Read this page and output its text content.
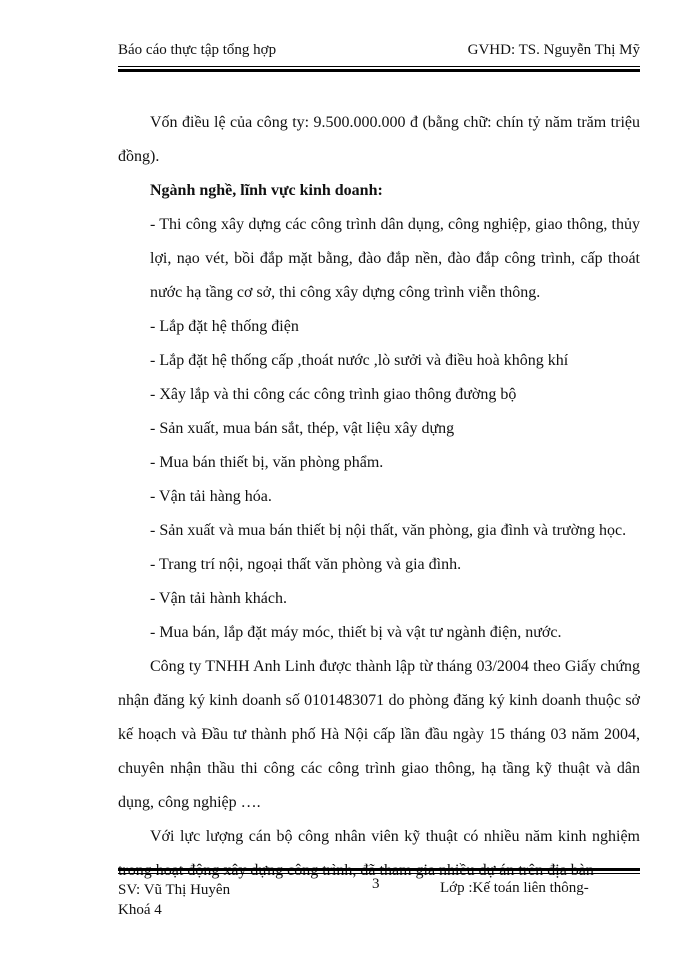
Báo cáo thực tập tổng hợp	GVHD: TS. Nguyễn Thị Mỹ

Vốn điều lệ của công ty: 9.500.000.000 đ (bằng chữ: chín tỷ năm trăm triệu đồng).

Ngành nghề, lĩnh vực kinh doanh:

- Thi công xây dựng các công trình dân dụng, công nghiệp, giao thông, thủy lợi, nạo vét, bồi đắp mặt bằng, đào đắp nền, đào đắp công trình, cấp thoát nước hạ tầng cơ sở, thi công xây dựng công trình viễn thông.

- Lắp đặt hệ thống điện

- Lắp đặt hệ thống cấp ,thoát nước ,lò sưởi và điều hoà không khí

- Xây lắp và thi công các công trình giao thông đường bộ

- Sản xuất, mua bán sắt, thép, vật liệu xây dựng

- Mua bán thiết bị, văn phòng phẩm.

- Vận tải hàng hóa.

- Sản xuất và mua bán thiết bị nội thất, văn phòng, gia đình và trường học.

- Trang trí nội, ngoại thất văn phòng và gia đình.

- Vận tải hành khách.

- Mua bán, lắp đặt máy móc, thiết bị và vật tư ngành điện, nước.

Công ty TNHH Anh Linh được thành lập từ tháng 03/2004 theo Giấy chứng nhận đăng ký kinh doanh số 0101483071 do phòng đăng ký kinh doanh thuộc sở kế hoạch và Đầu tư thành phố Hà Nội cấp lần đầu ngày 15 tháng 03 năm 2004, chuyên nhận thầu thi công các công trình giao thông, hạ tầng kỹ thuật và dân dụng, công nghiệp ….

Với lực lượng cán bộ công nhân viên kỹ thuật có nhiều năm kinh nghiệm

SV: Vũ Thị Huyên
Khoá 4
3	Lớp :Kế toán liên thông-
